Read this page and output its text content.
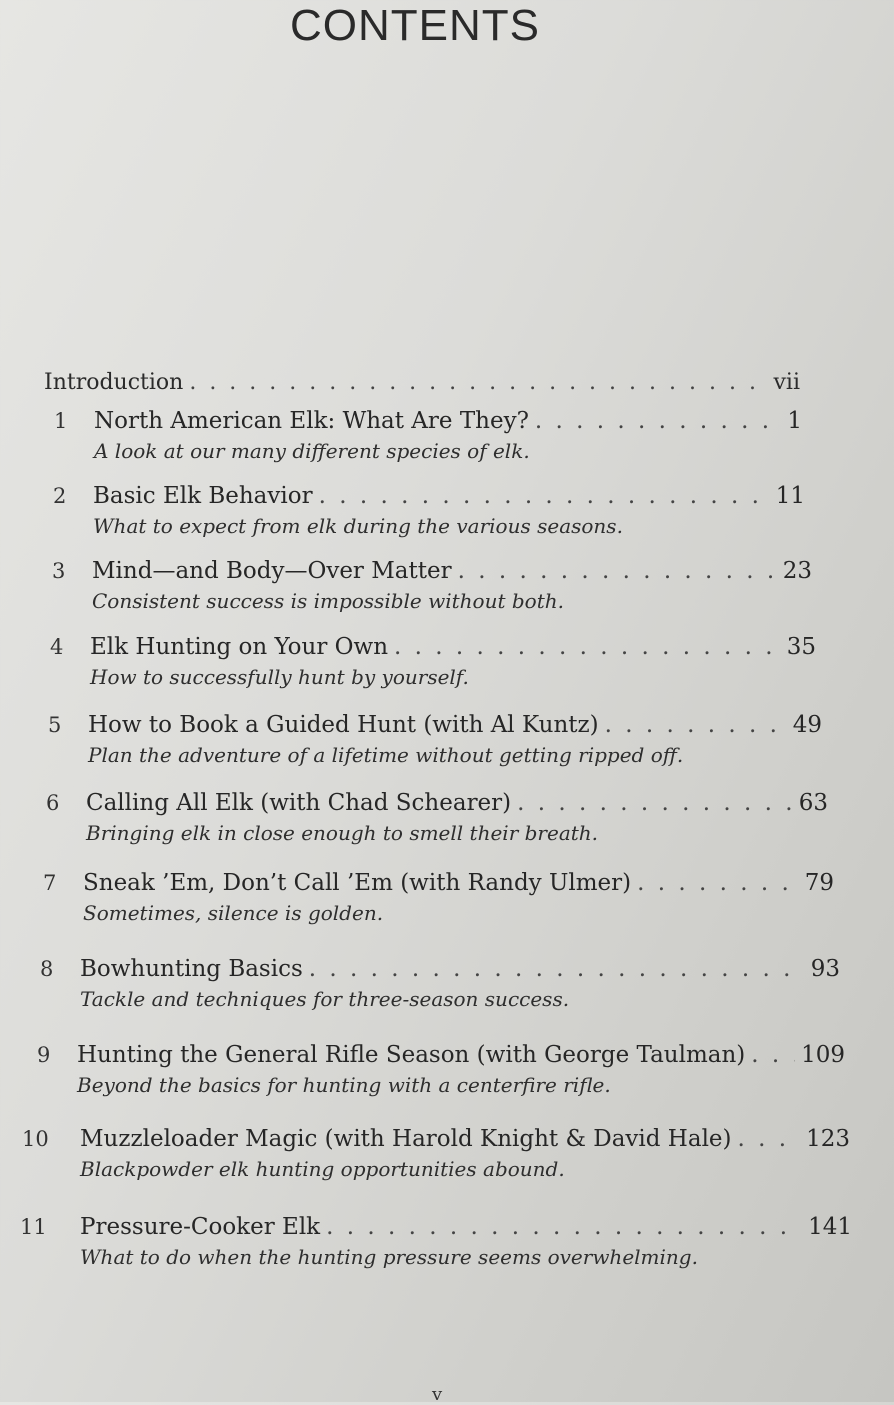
CONTENTS
Introduction . . .	vii
1	North American Elk: What Are They? . . .	1
A look at our many different species of elk.
2	Basic Elk Behavior . . .	11
What to expect from elk during the various seasons.
3	Mind—and Body—Over Matter . . .	23
Consistent success is impossible without both.
4	Elk Hunting on Your Own . . .	35
How to successfully hunt by yourself.
5	How to Book a Guided Hunt (with Al Kuntz) . . .	49
Plan the adventure of a lifetime without getting ripped off.
6	Calling All Elk (with Chad Schearer) . . .	63
Bringing elk in close enough to smell their breath.
7	Sneak ’Em, Don’t Call ’Em (with Randy Ulmer) . . .	79
Sometimes, silence is golden.
8	Bowhunting Basics . . .	93
Tackle and techniques for three-season success.
9	Hunting the General Rifle Season (with George Taulman) . . . 109
Beyond the basics for hunting with a centerfire rifle.
10	Muzzleloader Magic (with Harold Knight & David Hale) . . .	123
Blackpowder elk hunting opportunities abound.
11	Pressure-Cooker Elk . . .	141
What to do when the hunting pressure seems overwhelming.
v
